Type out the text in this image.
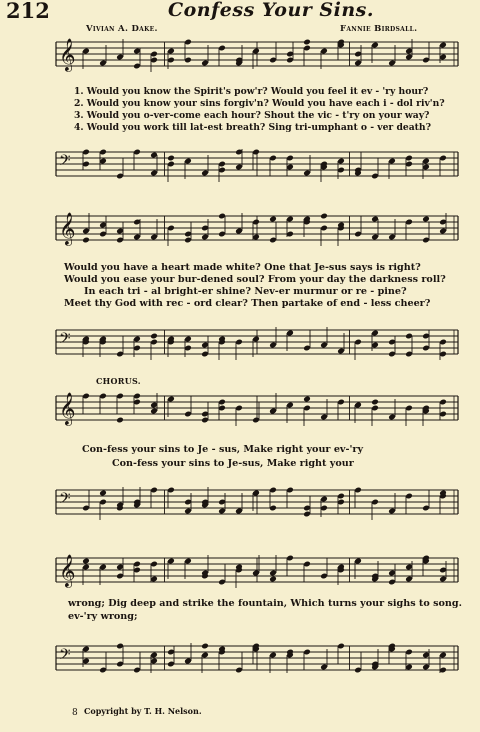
212	Confess Your Sins.
Vivian A. Dake.	Fannie Birdsall.
𝄞
1. Would you know the Spirit's pow'r? Would you feel it ev - 'ry hour?
2. Would you know your sins forgiv'n? Would you have each i - dol riv'n?
3. Would you o-ver-come each hour? Shout the vic - t'ry on your way?
4. Would you work till lat-est breath? Sing tri-umphant o - ver death?
𝄢
𝄞
Would you have a heart made white? One that Je-sus says is right?
Would you ease your bur-dened soul? From your day the darkness roll?
In each tri - al bright-er shine? Nev-er murmur or re - pine?
Meet thy God with rec - ord clear? Then partake of end - less cheer?
𝄢
CHORUS.
𝄞
Con-fess your sins to Je - sus, Make right your ev-'ry
Con-fess your sins to Je-sus, Make right your
𝄢
𝄞
wrong; Dig deep and strike the fountain, Which turns your sighs to song.
ev-'ry wrong;
𝄢
8 Copyright by T. H. Nelson.
